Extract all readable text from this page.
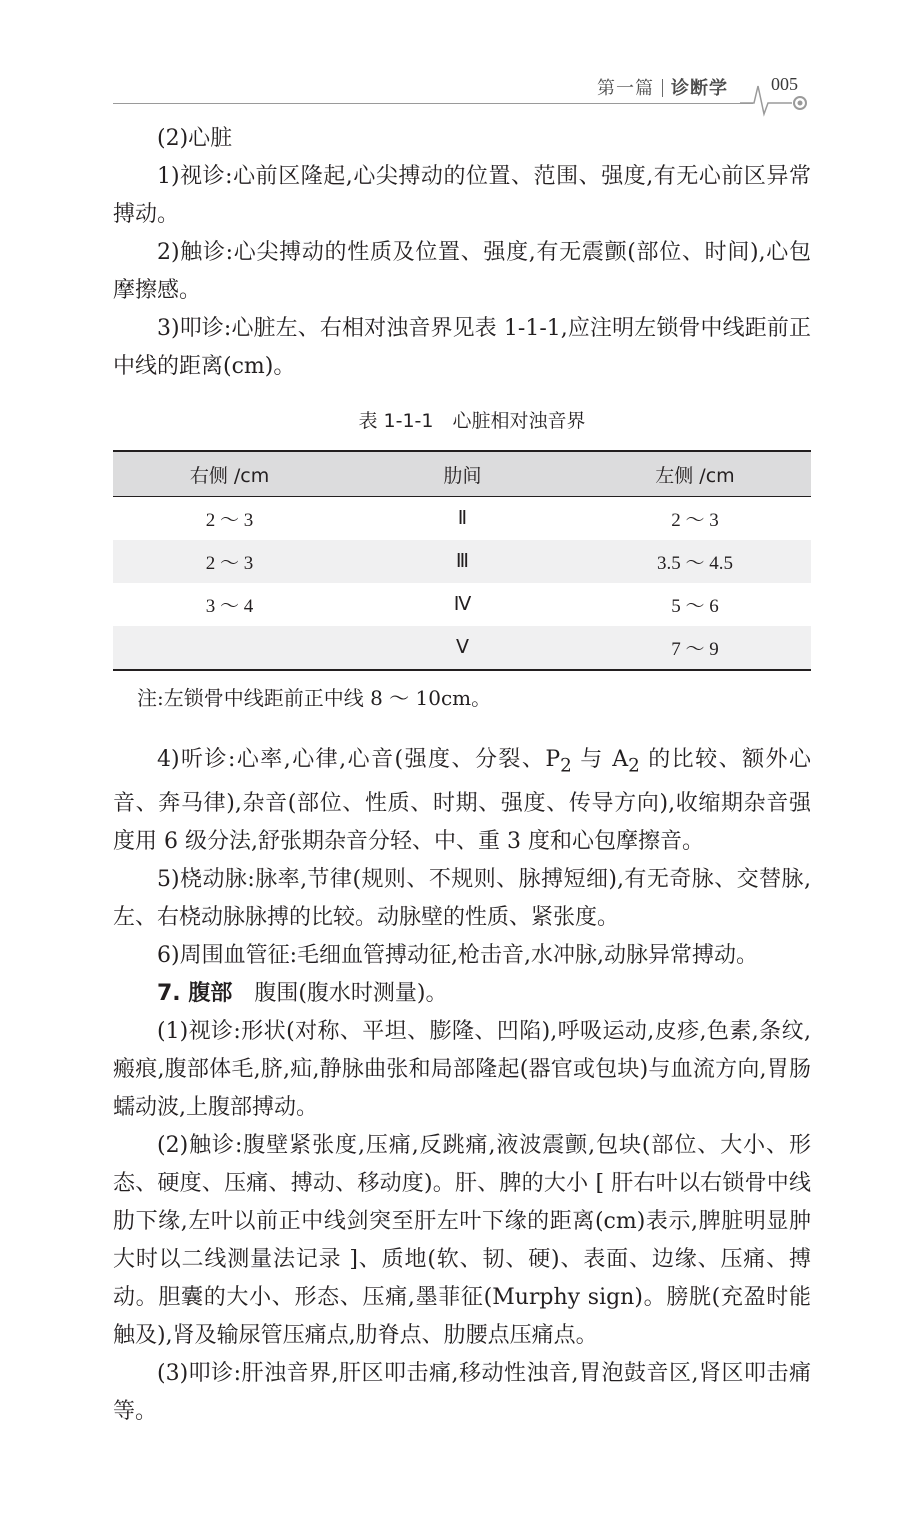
第一篇 诊断学 005

(2)心脏

1)视诊:心前区隆起,心尖搏动的位置、范围、强度,有无心前区异常搏动。

2)触诊:心尖搏动的性质及位置、强度,有无震颤(部位、时间),心包摩擦感。

3)叩诊:心脏左、右相对浊音界见表 1-1-1,应注明左锁骨中线距前正中线的距离(cm)。

表 1-1-1　心脏相对浊音界
右侧 /cm	肋间	左侧 /cm
2 ～ 3	Ⅱ	2 ～ 3
2 ～ 3	Ⅲ	3.5 ～ 4.5
3 ～ 4	Ⅳ	5 ～ 6
	Ⅴ	7 ～ 9
注:左锁骨中线距前正中线 8 ～ 10cm。

4)听诊:心率,心律,心音(强度、分裂、$P_2$ 与 $A_2$ 的比较、额外心音、奔马律),杂音(部位、性质、时期、强度、传导方向),收缩期杂音强度用 6 级分法,舒张期杂音分轻、中、重 3 度和心包摩擦音。

5)桡动脉:脉率,节律(规则、不规则、脉搏短细),有无奇脉、交替脉,左、右桡动脉脉搏的比较。动脉壁的性质、紧张度。

6)周围血管征:毛细血管搏动征,枪击音,水冲脉,动脉异常搏动。

7. 腹部　腹围(腹水时测量)。

(1)视诊:形状(对称、平坦、膨隆、凹陷),呼吸运动,皮疹,色素,条纹,瘢痕,腹部体毛,脐,疝,静脉曲张和局部隆起(器官或包块)与血流方向,胃肠蠕动波,上腹部搏动。

(2)触诊:腹壁紧张度,压痛,反跳痛,液波震颤,包块(部位、大小、形态、硬度、压痛、搏动、移动度)。肝、脾的大小 [ 肝右叶以右锁骨中线肋下缘,左叶以前正中线剑突至肝左叶下缘的距离(cm)表示,脾脏明显肿大时以二线测量法记录 ]、质地(软、韧、硬)、表面、边缘、压痛、搏动。胆囊的大小、形态、压痛,墨菲征(Murphy sign)。膀胱(充盈时能触及),肾及输尿管压痛点,肋脊点、肋腰点压痛点。

(3)叩诊:肝浊音界,肝区叩击痛,移动性浊音,胃泡鼓音区,肾区叩击痛等。
